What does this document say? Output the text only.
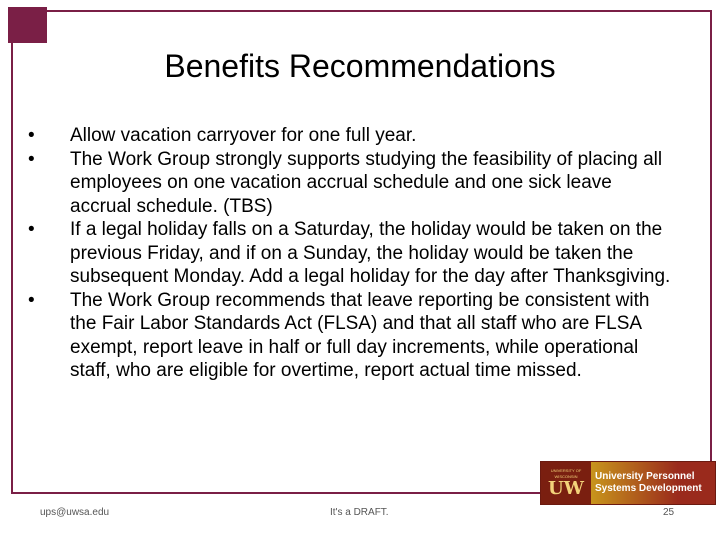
Benefits Recommendations
• Allow vacation carryover for one full year.
• The Work Group strongly supports studying the feasibility of placing all employees on one vacation accrual schedule and one sick leave accrual schedule. (TBS)
• If a legal holiday falls on a Saturday, the holiday would be taken on the previous Friday, and if on a Sunday, the holiday would be taken the subsequent Monday. Add a legal holiday for the day after Thanksgiving.
• The Work Group recommends that leave reporting be consistent with the Fair Labor Standards Act (FLSA) and that all staff who are FLSA exempt, report leave in half or full day increments, while operational staff, who are eligible for overtime, report actual time missed.
UNIVERSITY OF WISCONSIN
UW
University Personnel
Systems Development
ups@uwsa.edu	It's a DRAFT.	25
